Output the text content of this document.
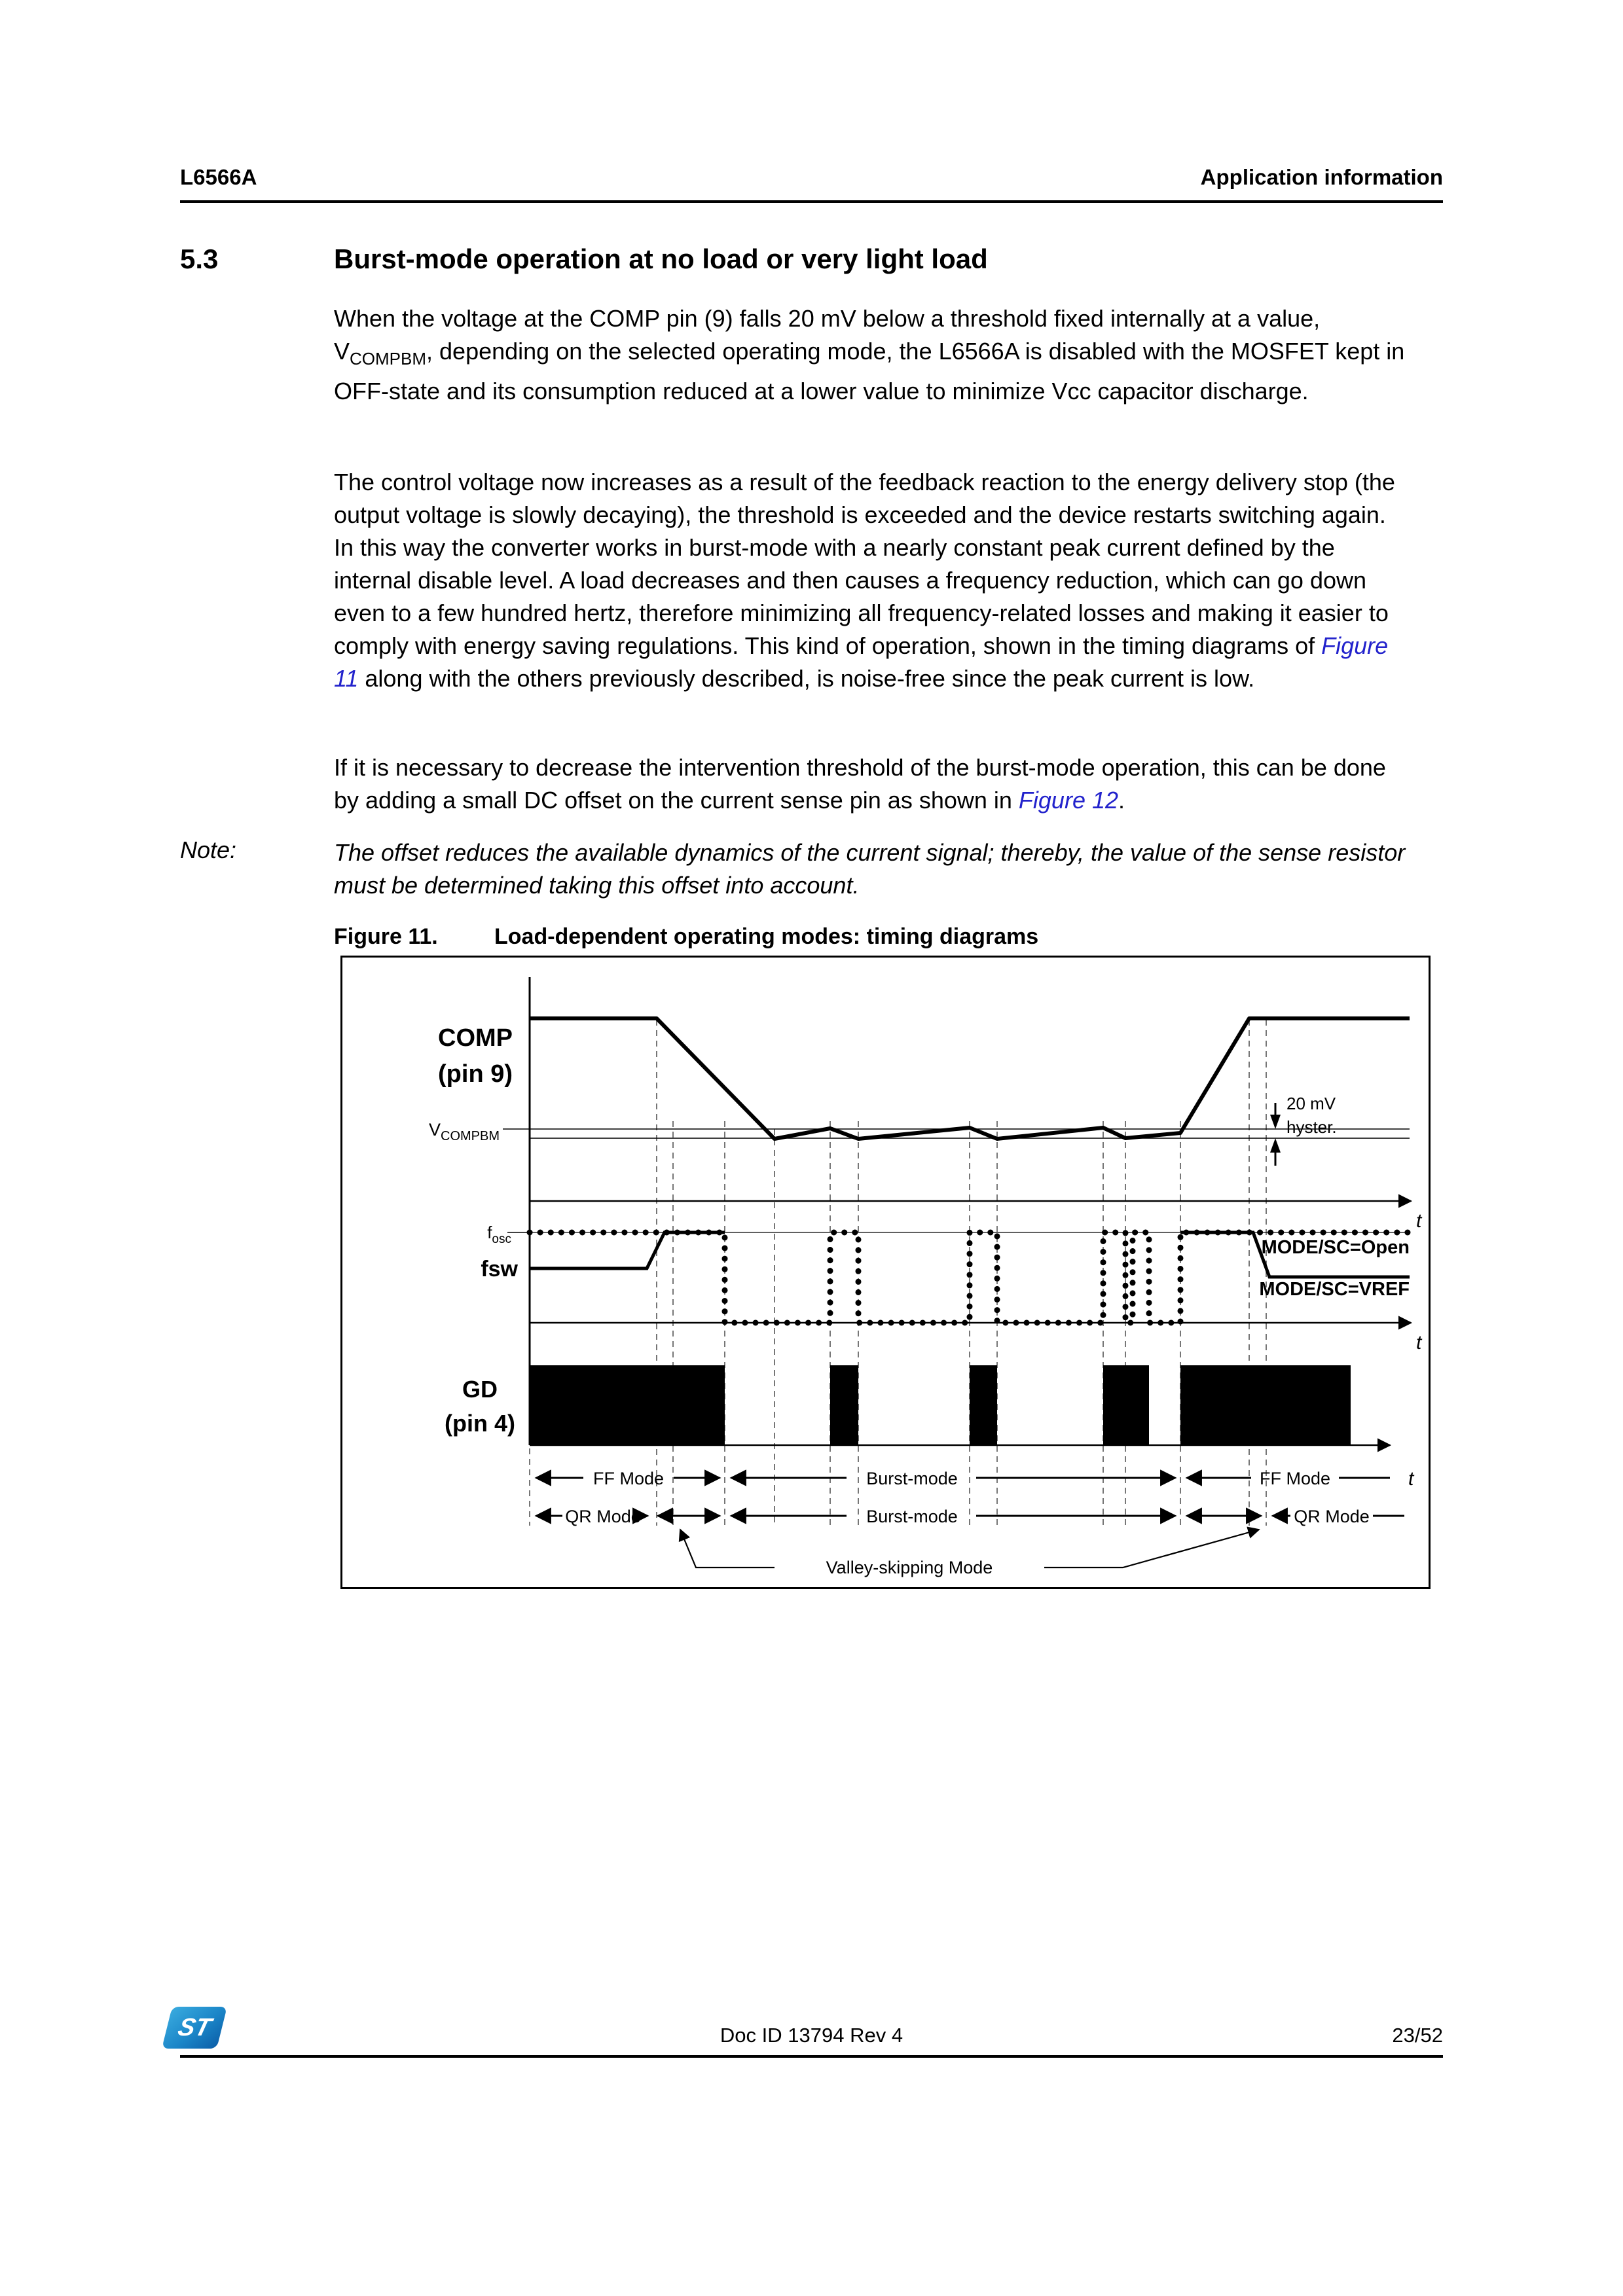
L6566A	Application information
5.3	Burst-mode operation at no load or very light load
When the voltage at the COMP pin (9) falls 20 mV below a threshold fixed internally at a value, $V_{COMPBM}$, depending on the selected operating mode, the L6566A is disabled with the MOSFET kept in OFF-state and its consumption reduced at a lower value to minimize Vcc capacitor discharge.
The control voltage now increases as a result of the feedback reaction to the energy delivery stop (the output voltage is slowly decaying), the threshold is exceeded and the device restarts switching again. In this way the converter works in burst-mode with a nearly constant peak current defined by the internal disable level. A load decreases and then causes a frequency reduction, which can go down even to a few hundred hertz, therefore minimizing all frequency-related losses and making it easier to comply with energy saving regulations. This kind of operation, shown in the timing diagrams of Figure 11 along with the others previously described, is noise-free since the peak current is low.
If it is necessary to decrease the intervention threshold of the burst-mode operation, this can be done by adding a small DC offset on the current sense pin as shown in Figure 12.
Note:	The offset reduces the available dynamics of the current signal; thereby, the value of the sense resistor must be determined taking this offset into account.
Figure 11.	Load-dependent operating modes: timing diagrams
COMP
(pin 9)
$V_{COMPBM}$
20 mV
hyster.
t
$f_{osc}$
fsw
MODE/SC=Open
MODE/SC=VREF
t
GD
(pin 4)
FF Mode	Burst-mode	FF Mode	t
QR Mode	Burst-mode	QR Mode
Valley-skipping Mode
ST	Doc ID 13794 Rev 4	23/52
